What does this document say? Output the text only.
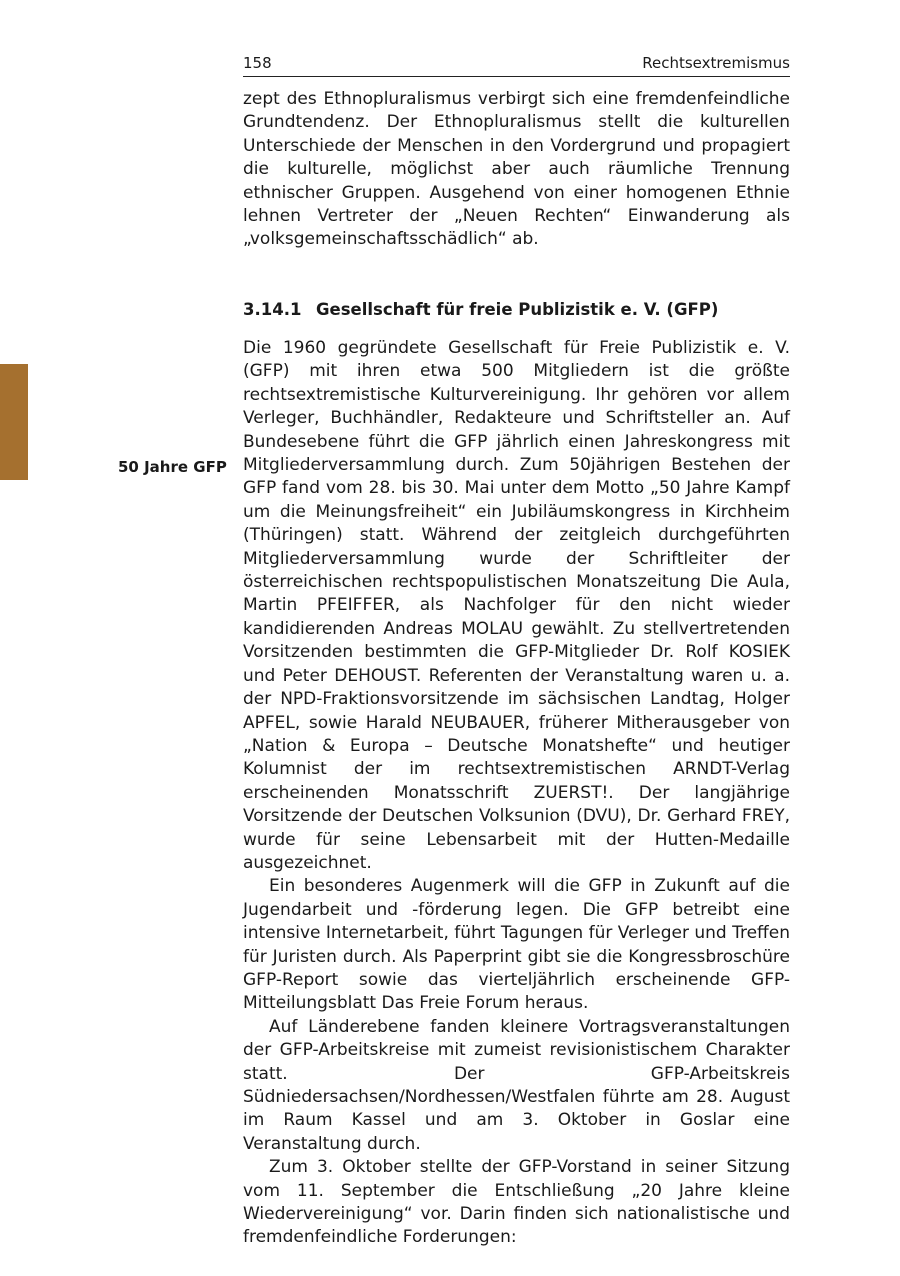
158	Rechtsextremismus

zept des Ethnopluralismus verbirgt sich eine fremdenfeindliche Grundtendenz. Der Ethnopluralismus stellt die kulturellen Unterschiede der Menschen in den Vordergrund und propagiert die kulturelle, möglichst aber auch räumliche Trennung ethnischer Gruppen. Ausgehend von einer homogenen Ethnie lehnen Vertreter der „Neuen Rechten“ Einwanderung als „volksgemeinschaftsschädlich“ ab.

3.14.1 Gesellschaft für freie Publizistik e. V. (GFP)
50 Jahre GFP

Die 1960 gegründete Gesellschaft für Freie Publizistik e. V. (GFP) mit ihren etwa 500 Mitgliedern ist die größte rechtsextremistische Kulturvereinigung. Ihr gehören vor allem Verleger, Buchhändler, Redakteure und Schriftsteller an. Auf Bundesebene führt die GFP jährlich einen Jahreskongress mit Mitgliederversammlung durch. Zum 50jährigen Bestehen der GFP fand vom 28. bis 30. Mai unter dem Motto „50 Jahre Kampf um die Meinungsfreiheit“ ein Jubiläumskongress in Kirchheim (Thüringen) statt. Während der zeitgleich durchgeführten Mitgliederversammlung wurde der Schriftleiter der österreichischen rechtspopulistischen Monatszeitung Die Aula, Martin PFEIFFER, als Nachfolger für den nicht wieder kandidierenden Andreas MOLAU gewählt. Zu stellvertretenden Vorsitzenden bestimmten die GFP-Mitglieder Dr. Rolf KOSIEK und Peter DEHOUST. Referenten der Veranstaltung waren u. a. der NPD-Fraktionsvorsitzende im sächsischen Landtag, Holger APFEL, sowie Harald NEUBAUER, früherer Mitherausgeber von „Nation & Europa – Deutsche Monatshefte“ und heutiger Kolumnist der im rechtsextremistischen ARNDT-Verlag erscheinenden Monatsschrift ZUERST!. Der langjährige Vorsitzende der Deutschen Volksunion (DVU), Dr. Gerhard FREY, wurde für seine Lebensarbeit mit der Hutten-Medaille ausgezeichnet.

Ein besonderes Augenmerk will die GFP in Zukunft auf die Jugendarbeit und -förderung legen. Die GFP betreibt eine intensive Internetarbeit, führt Tagungen für Verleger und Treffen für Juristen durch. Als Paperprint gibt sie die Kongressbroschüre GFP-Report sowie das vierteljährlich erscheinende GFP-Mitteilungsblatt Das Freie Forum heraus.

Auf Länderebene fanden kleinere Vortragsveranstaltungen der GFP-Arbeitskreise mit zumeist revisionistischem Charakter statt. Der GFP-Arbeitskreis Südniedersachsen/Nordhessen/Westfalen führte am 28. August im Raum Kassel und am 3. Oktober in Goslar eine Veranstaltung durch.

Zum 3. Oktober stellte der GFP-Vorstand in seiner Sitzung vom 11. September die Entschließung „20 Jahre kleine Wiedervereinigung“ vor. Darin finden sich nationalistische und fremdenfeindliche Forderungen:
